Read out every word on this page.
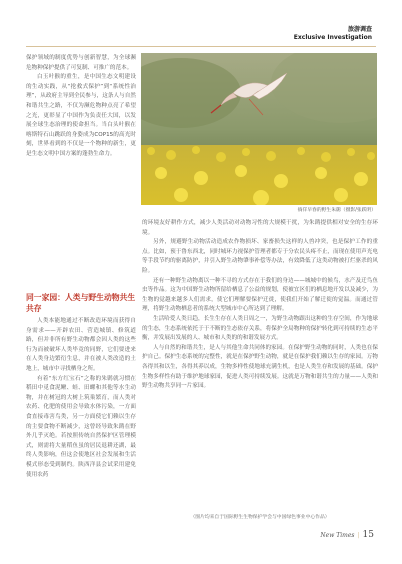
旅游调查
Exclusive Investigation

保护领域的制度优势与创新智慧，为全球濒危物种保护提供了可复制、可推广的范本。

白玉叶猴的重生，是中国生态文明建设的生动实践，从“抢救式保护”到“系统性治理”，从政府主导到全民参与，这条人与自然和谐共生之路，不仅为濒危物种点亮了希望之光，更彰显了中国作为负责任大国，以发展全球生态治理的使命担当。当白头叶猴在喀斯特石山跳跃的身姿成为COP15的高光时刻，世界看到的不仅是一个物种的新生，更是生态文明中国方案的蓬勃生命力。

徜徉早春的野生朱鹮（摄影/张跃明）
同一家园：人类与野生动物共生共存

人类本能地通过不断改造环境而获得自身需求——开辟农田、营造城镇、修筑道路，但并非所有野生动物都会因人类的这些行为而被破坏人类毕竟的同野，它们要进来在人类身边繁衍生息，并在被人类改造的土地上，城市中寻找栖身之所。

有着“东方红宝石”之称的朱鹮就习惯在稻田中觅食泥鳅、蛙、田螺和其他等水生动物，并在树冠的大树上筑巢繁育，而人类对农药、化肥的使用会导致水体污染，一方面食直接毒害鸟类，另一方面使它们赖以生存的主要食物不断减少，这曾经导致朱鹮在野外几乎灭绝。若按照传统自然保护区管理模式，则需将大量稻鱼虽的居民退耕还湖，最终人类影响，但这会使地区社会发展和生活模式形态受到制约。陕西洋县会试采用建免使用农药

的环境友好耕作方式，减少人类活动对动物习性的大规模干扰，为朱鹮提供相对安全的生存环境。

另外，规避野生动物活动造成农作物损坏、家畜损失这样的人兽冲突，也是保护工作的重点。比如，预于鲁东西北，同时城环力视保护管理者都专于分农民头疼不止，而现在使用声光电等手段节约的驱离防护，并引入野生动物肇事补偿等办法，有效降低了这类动物被打烂驱杀的风险。

还有一种野生动物离以一种不寻的方式存在于我们的身边——城城中的候鸟，水产及迁鸟鱼虫等作品。这为中国野生动物所留给栖息了公益的规划，使被宜区们的栖息地开发以及减少，为生物的觉越来越多人们需求，使它们理解要保护迁徙，使我们开始了解迁徙的觉温。而通过管理，将野生动物栖息者的系统大型城市中心所达到了理解。

生活哈爱人类日趋，长生生存在人类日周之一，为野生动物跟出这种的生存空间，作为地球的生态，生态系统依托于于不断的生态依存关系，将保护全局物种的保护转化到可持续的生态平衡，并发展出发展的人、城市和人类的的和谐发展方式。

人与自然的和谐共生，是人与其他生命共同体的家园。在保护野生动物的同时，人类也在保护自己。保护生态系统的完整性，就是在保护野生动物，就是在保护我们赖以生存的家园。万物各得其和以生，各得其养以成，生物多样性使地球充满生机，也是人类生存和发展的基础。保护生物多样性有助于维护地球家园，促进人类可持续发展。这就是万物和谐共生的力量——人类和野生动物共享同一片家园。

（图片均来自于国际野生生物保护学会与中国绿色事业中心作品）
New Times | 15
